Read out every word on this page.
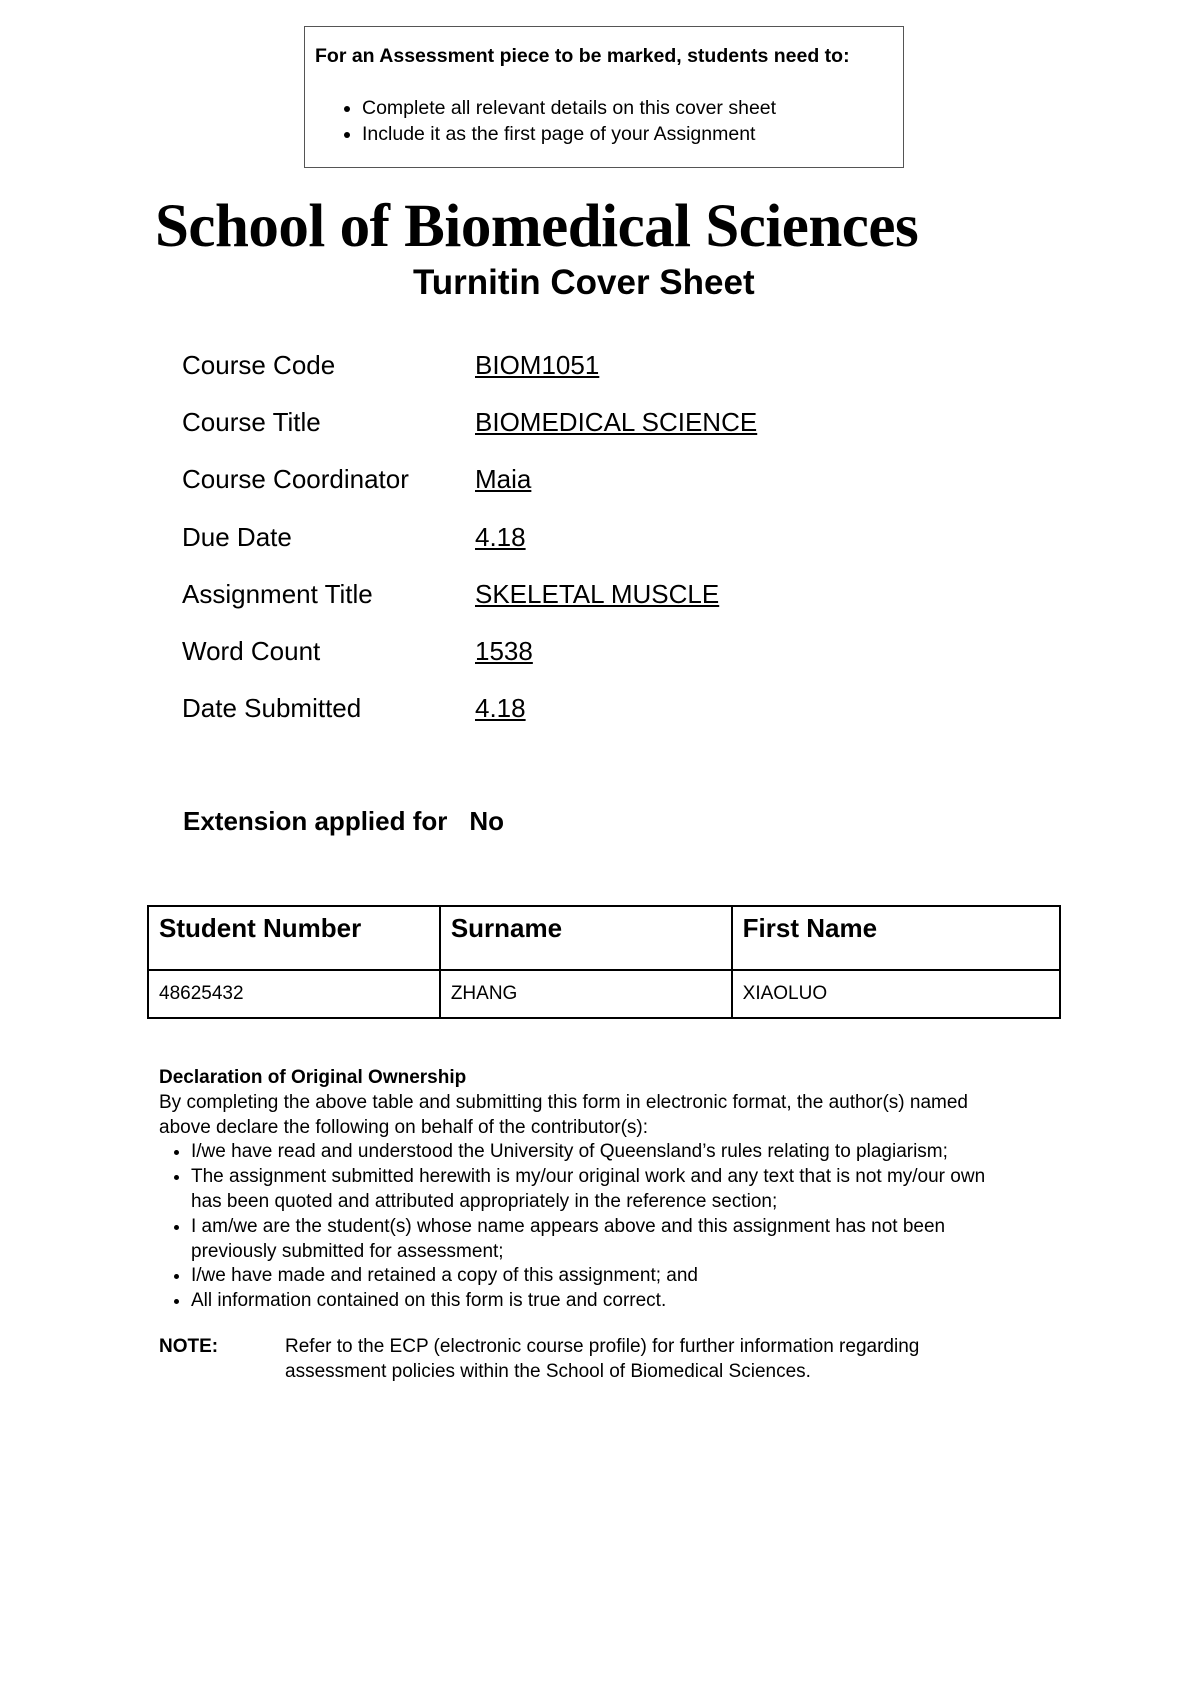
For an Assessment piece to be marked, students need to:
• Complete all relevant details on this cover sheet
• Include it as the first page of your Assignment
School of Biomedical Sciences
Turnitin Cover Sheet
Course Code	BIOM1051
Course Title	BIOMEDICAL SCIENCE
Course Coordinator	Maia
Due Date	4.18
Assignment Title	SKELETAL MUSCLE
Word Count	1538
Date Submitted	4.18
Extension applied for No
Student Number	Surname	First Name
48625432	ZHANG	XIAOLUO
Declaration of Original Ownership
By completing the above table and submitting this form in electronic format, the author(s) named above declare the following on behalf of the contributor(s):
• I/we have read and understood the University of Queensland’s rules relating to plagiarism;
• The assignment submitted herewith is my/our original work and any text that is not my/our own has been quoted and attributed appropriately in the reference section;
• I am/we are the student(s) whose name appears above and this assignment has not been previously submitted for assessment;
• I/we have made and retained a copy of this assignment; and
• All information contained on this form is true and correct.
NOTE:	Refer to the ECP (electronic course profile) for further information regarding assessment policies within the School of Biomedical Sciences.
